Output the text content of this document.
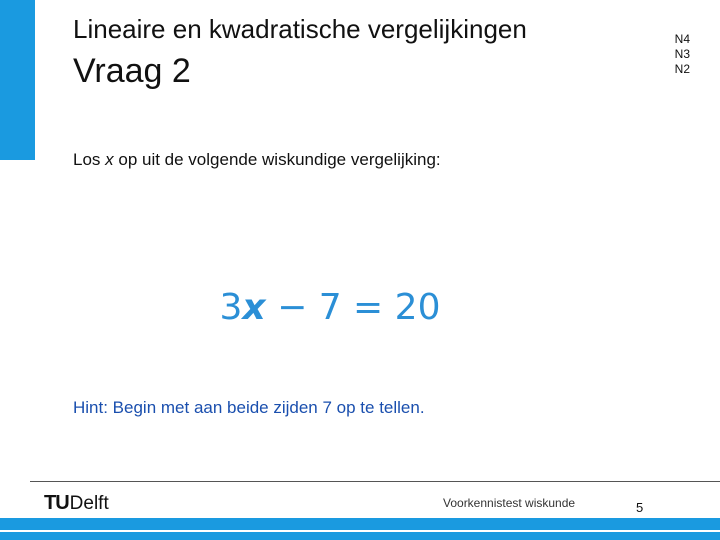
Lineaire en kwadratische vergelijkingen
Vraag 2
N4
N3
N2
Los x op uit de volgende wiskundige vergelijking:
3x − 7 = 20
Hint: Begin met aan beide zijden 7 op te tellen.
TU Delft	Voorkennistest wiskunde	5
